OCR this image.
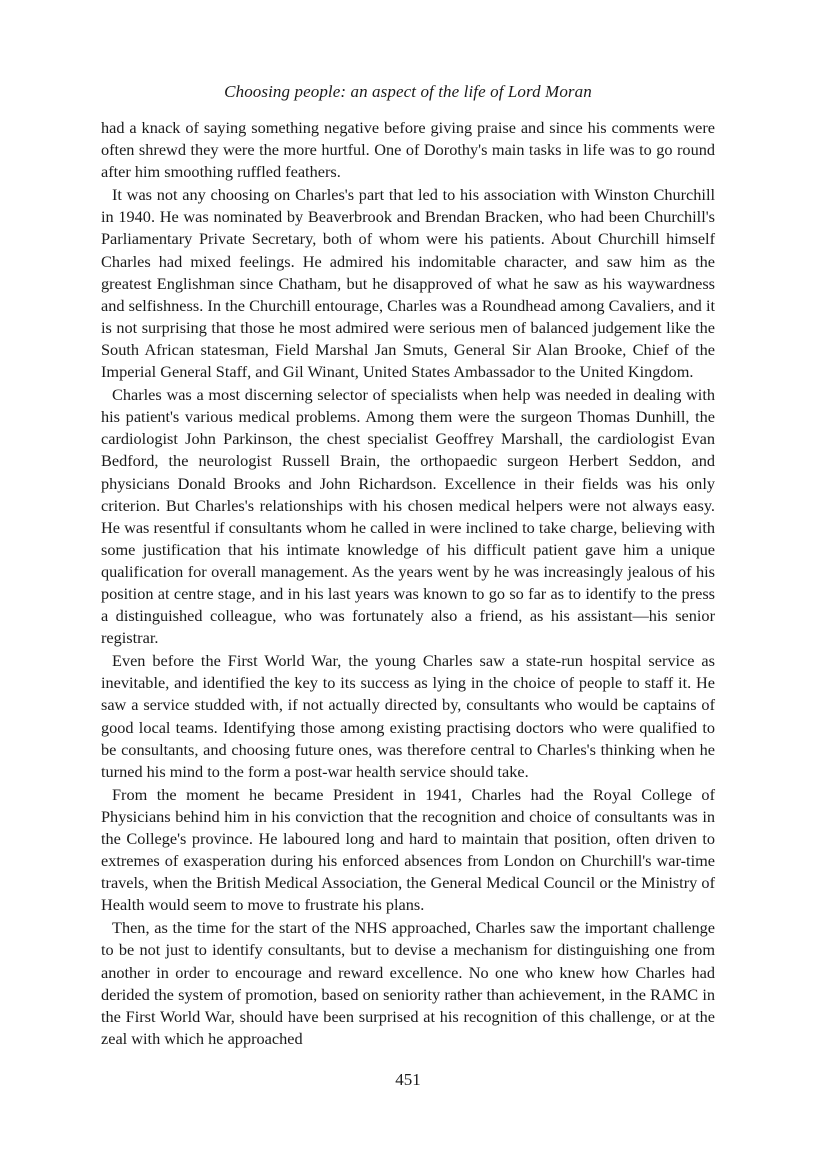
Choosing people: an aspect of the life of Lord Moran

had a knack of saying something negative before giving praise and since his comments were often shrewd they were the more hurtful. One of Dorothy's main tasks in life was to go round after him smoothing ruffled feathers.

It was not any choosing on Charles's part that led to his association with Winston Churchill in 1940. He was nominated by Beaverbrook and Brendan Bracken, who had been Churchill's Parliamentary Private Secretary, both of whom were his patients. About Churchill himself Charles had mixed feelings. He admired his indomitable character, and saw him as the greatest Englishman since Chatham, but he disapproved of what he saw as his waywardness and selfishness. In the Churchill entourage, Charles was a Roundhead among Cavaliers, and it is not surprising that those he most admired were serious men of balanced judgement like the South African statesman, Field Marshal Jan Smuts, General Sir Alan Brooke, Chief of the Imperial General Staff, and Gil Winant, United States Ambassador to the United Kingdom.

Charles was a most discerning selector of specialists when help was needed in dealing with his patient's various medical problems. Among them were the surgeon Thomas Dunhill, the cardiologist John Parkinson, the chest specialist Geoffrey Marshall, the cardiologist Evan Bedford, the neurologist Russell Brain, the orthopaedic surgeon Herbert Seddon, and physicians Donald Brooks and John Richardson. Excellence in their fields was his only criterion. But Charles's relationships with his chosen medical helpers were not always easy. He was resentful if consultants whom he called in were inclined to take charge, believing with some justification that his intimate knowledge of his difficult patient gave him a unique qualification for overall management. As the years went by he was increasingly jealous of his position at centre stage, and in his last years was known to go so far as to identify to the press a distinguished colleague, who was fortunately also a friend, as his assistant—his senior registrar.

Even before the First World War, the young Charles saw a state-run hospital service as inevitable, and identified the key to its success as lying in the choice of people to staff it. He saw a service studded with, if not actually directed by, consultants who would be captains of good local teams. Identifying those among existing practising doctors who were qualified to be consultants, and choosing future ones, was therefore central to Charles's thinking when he turned his mind to the form a post-war health service should take.

From the moment he became President in 1941, Charles had the Royal College of Physicians behind him in his conviction that the recognition and choice of consultants was in the College's province. He laboured long and hard to maintain that position, often driven to extremes of exasperation during his enforced absences from London on Churchill's war-time travels, when the British Medical Association, the General Medical Council or the Ministry of Health would seem to move to frustrate his plans.

Then, as the time for the start of the NHS approached, Charles saw the important challenge to be not just to identify consultants, but to devise a mechanism for distinguishing one from another in order to encourage and reward excellence. No one who knew how Charles had derided the system of promotion, based on seniority rather than achievement, in the RAMC in the First World War, should have been surprised at his recognition of this challenge, or at the zeal with which he approached

451
